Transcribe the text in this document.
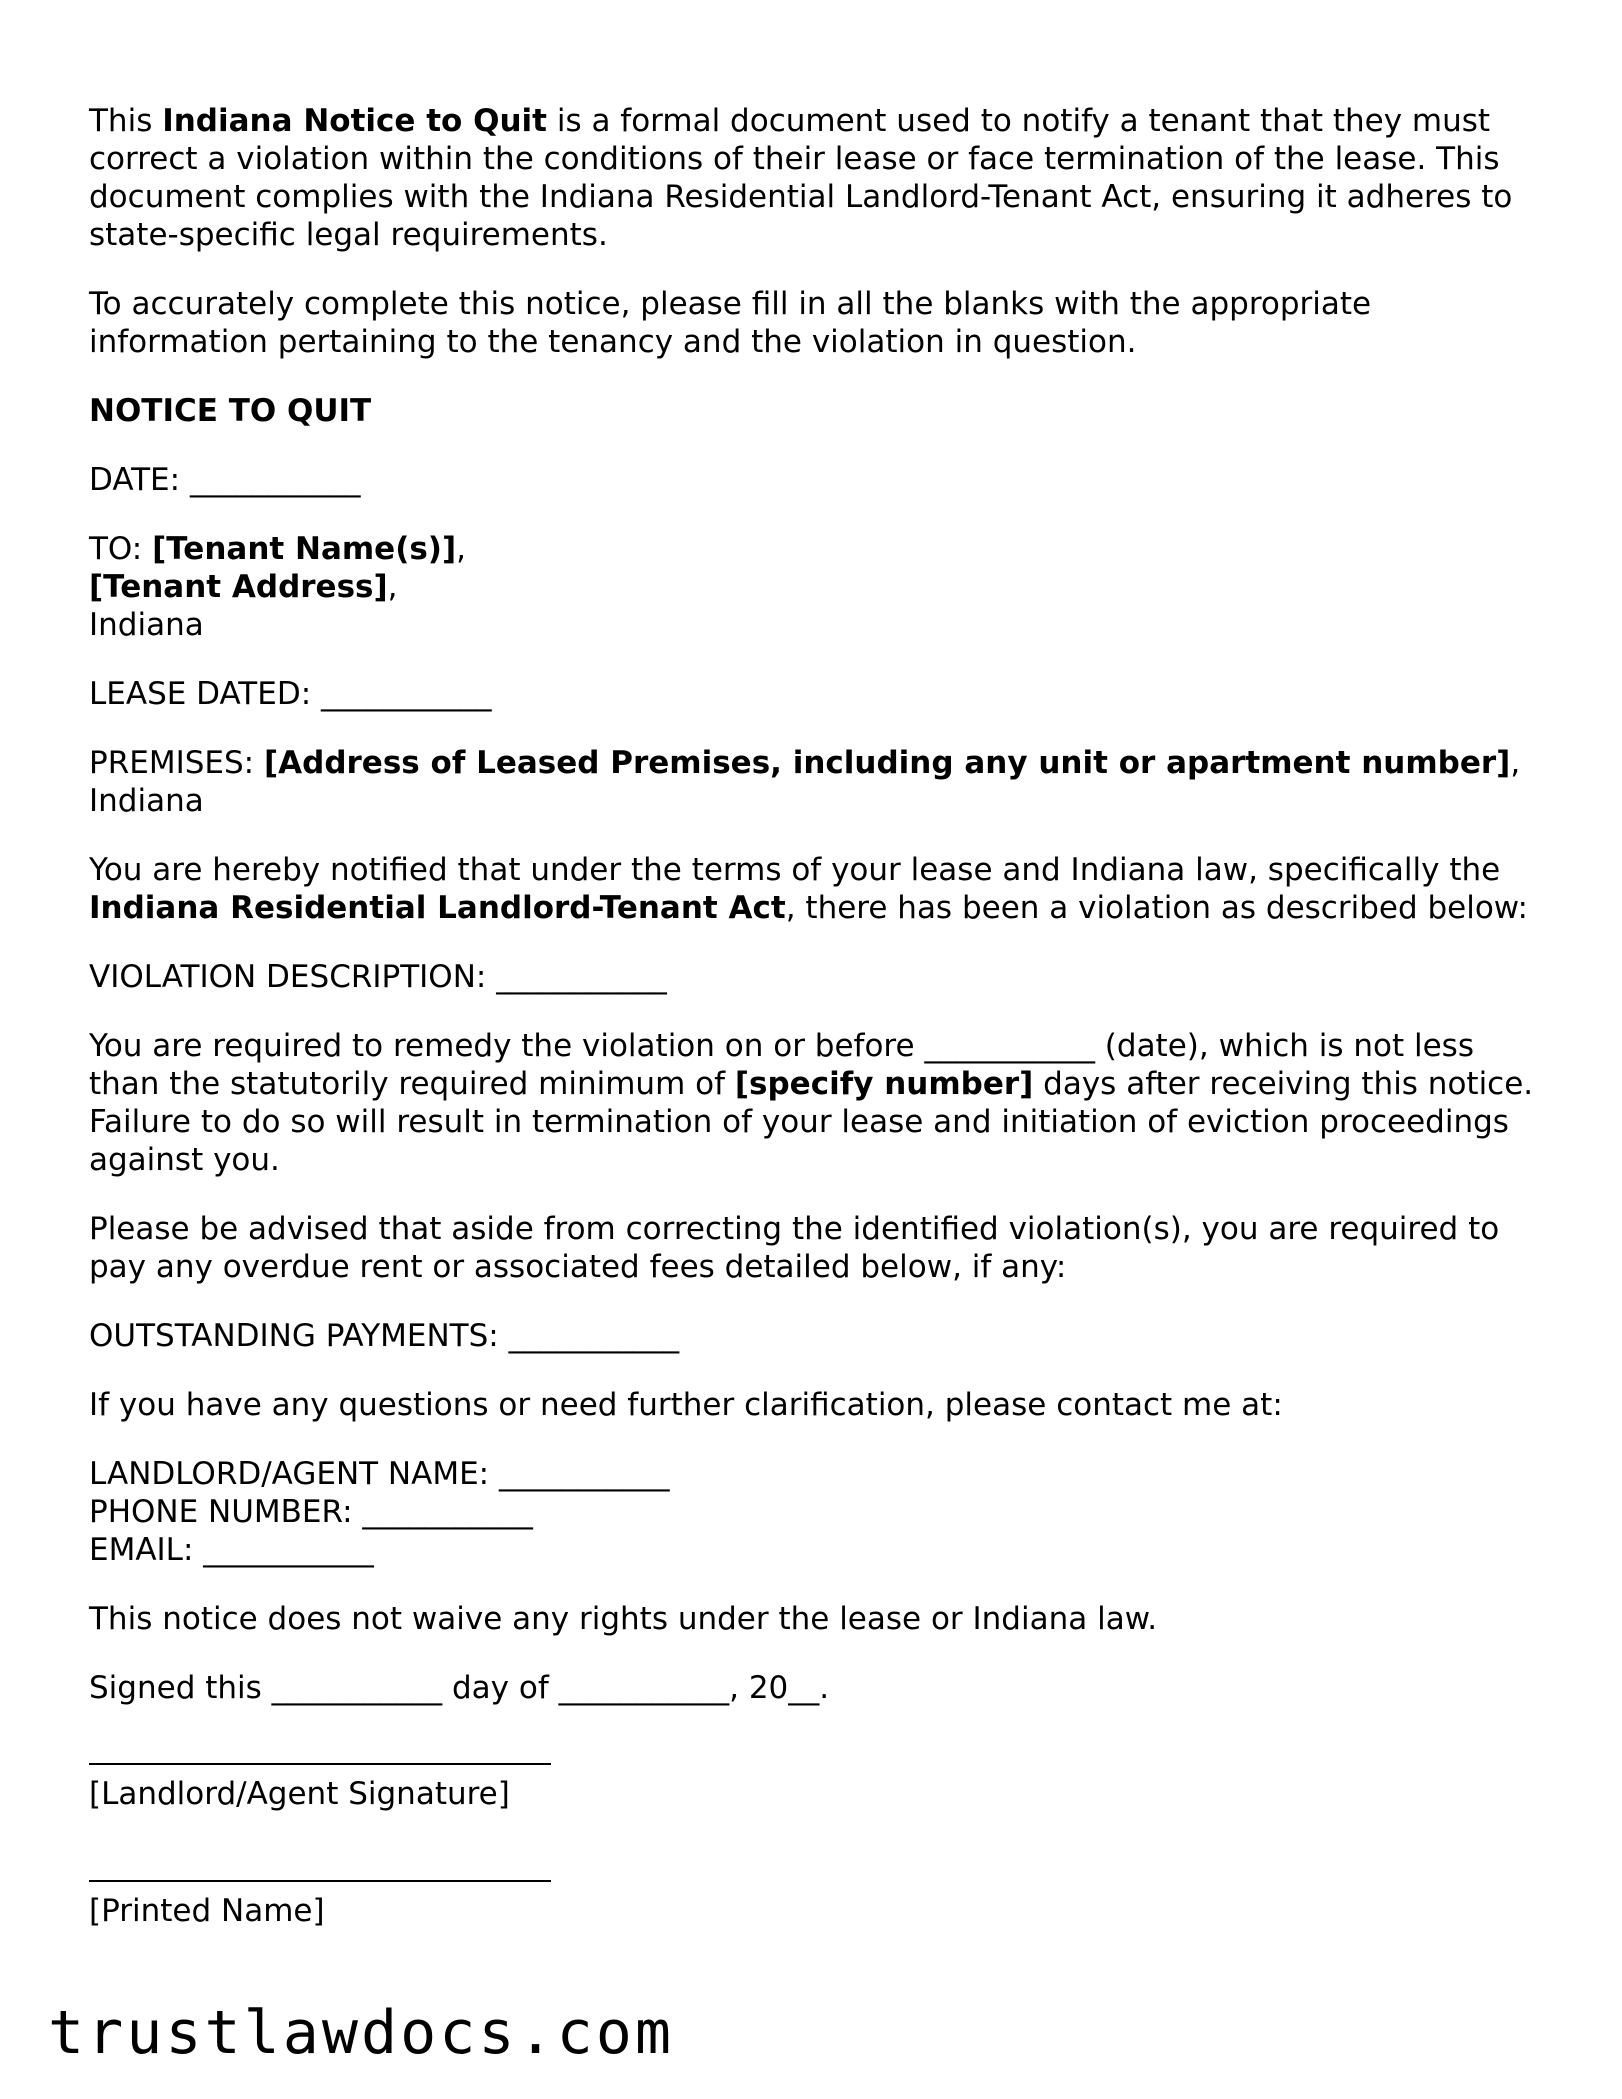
This Indiana Notice to Quit is a formal document used to notify a tenant that they must correct a violation within the conditions of their lease or face termination of the lease. This document complies with the Indiana Residential Landlord-Tenant Act, ensuring it adheres to state-specific legal requirements.

To accurately complete this notice, please fill in all the blanks with the appropriate information pertaining to the tenancy and the violation in question.

NOTICE TO QUIT

DATE: ___________

TO: [Tenant Name(s)],
[Tenant Address],
Indiana

LEASE DATED: ___________

PREMISES: [Address of Leased Premises, including any unit or apartment number], Indiana

You are hereby notified that under the terms of your lease and Indiana law, specifically the Indiana Residential Landlord-Tenant Act, there has been a violation as described below:

VIOLATION DESCRIPTION: ___________

You are required to remedy the violation on or before ___________ (date), which is not less than the statutorily required minimum of [specify number] days after receiving this notice. Failure to do so will result in termination of your lease and initiation of eviction proceedings against you.

Please be advised that aside from correcting the identified violation(s), you are required to pay any overdue rent or associated fees detailed below, if any:

OUTSTANDING PAYMENTS: ___________

If you have any questions or need further clarification, please contact me at:

LANDLORD/AGENT NAME: ___________
PHONE NUMBER: ___________
EMAIL: ___________

This notice does not waive any rights under the lease or Indiana law.

Signed this ___________ day of ___________, 20__.

[Landlord/Agent Signature]
[Printed Name]
trustlawdocs.com
